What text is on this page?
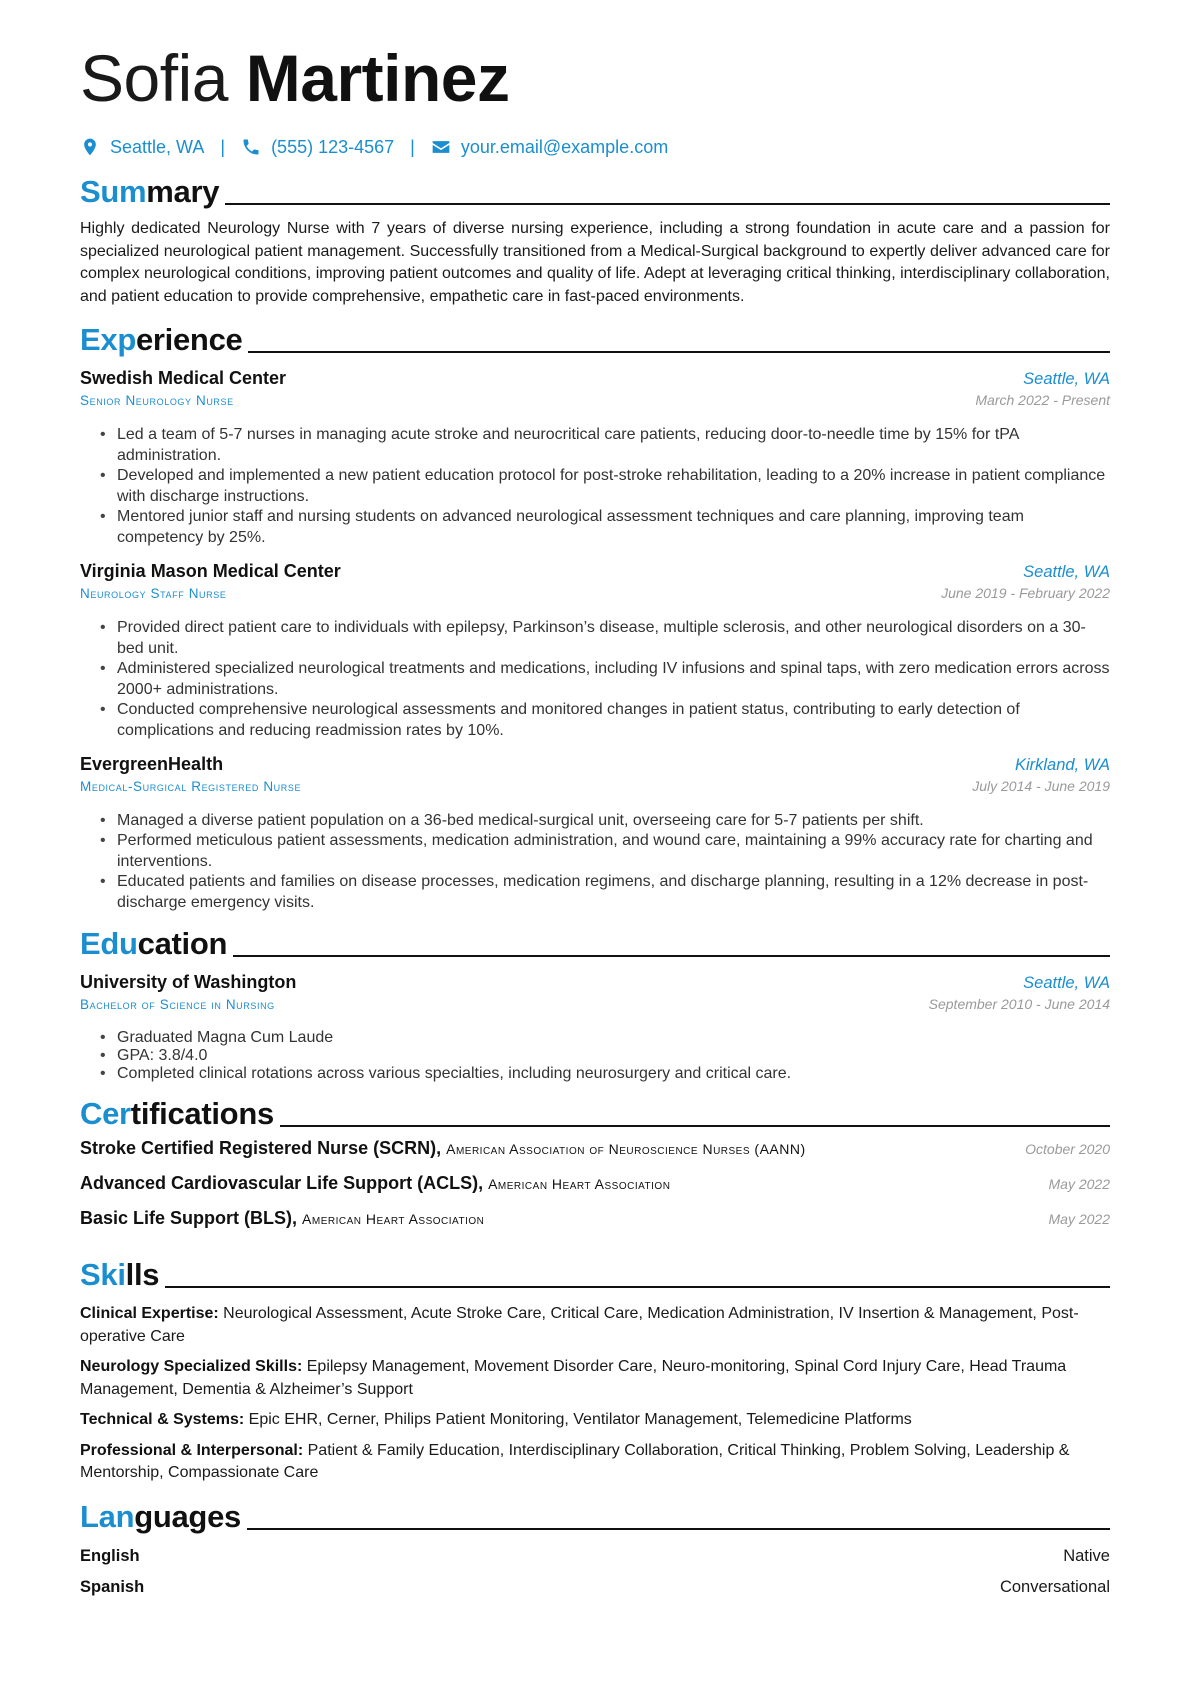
Sofia Martinez
Seattle, WA |	(555) 123-4567 |	your.email@example.com
Summary

Highly dedicated Neurology Nurse with 7 years of diverse nursing experience, including a strong foundation in acute care and a passion for specialized neurological patient management. Successfully transitioned from a Medical-Surgical background to expertly deliver advanced care for complex neurological conditions, improving patient outcomes and quality of life. Adept at leveraging critical thinking, interdisciplinary collaboration, and patient education to provide comprehensive, empathetic care in fast-paced environments.

Experience
Swedish Medical Center	Seattle, WA
Senior Neurology Nurse	March 2022 - Present
• Led a team of 5-7 nurses in managing acute stroke and neurocritical care patients, reducing door-to-needle time by 15% for tPA administration.
• Developed and implemented a new patient education protocol for post-stroke rehabilitation, leading to a 20% increase in patient compliance with discharge instructions.
• Mentored junior staff and nursing students on advanced neurological assessment techniques and care planning, improving team competency by 25%.
Virginia Mason Medical Center	Seattle, WA
Neurology Staff Nurse	June 2019 - February 2022
• Provided direct patient care to individuals with epilepsy, Parkinson’s disease, multiple sclerosis, and other neurological disorders on a 30-bed unit.
• Administered specialized neurological treatments and medications, including IV infusions and spinal taps, with zero medication errors across 2000+ administrations.
• Conducted comprehensive neurological assessments and monitored changes in patient status, contributing to early detection of complications and reducing readmission rates by 10%.
EvergreenHealth	Kirkland, WA
Medical-Surgical Registered Nurse	July 2014 - June 2019
• Managed a diverse patient population on a 36-bed medical-surgical unit, overseeing care for 5-7 patients per shift.
• Performed meticulous patient assessments, medication administration, and wound care, maintaining a 99% accuracy rate for charting and interventions.
• Educated patients and families on disease processes, medication regimens, and discharge planning, resulting in a 12% decrease in post-discharge emergency visits.
Education
University of Washington	Seattle, WA
Bachelor of Science in Nursing	September 2010 - June 2014
• Graduated Magna Cum Laude
• GPA: 3.8/4.0
• Completed clinical rotations across various specialties, including neurosurgery and critical care.
Certifications
Stroke Certified Registered Nurse (SCRN), American Association of Neuroscience Nurses (AANN)	October 2020
Advanced Cardiovascular Life Support (ACLS), American Heart Association	May 2022
Basic Life Support (BLS), American Heart Association	May 2022
Skills

Clinical Expertise: Neurological Assessment, Acute Stroke Care, Critical Care, Medication Administration, IV Insertion & Management, Post-operative Care

Neurology Specialized Skills: Epilepsy Management, Movement Disorder Care, Neuro-monitoring, Spinal Cord Injury Care, Head Trauma Management, Dementia & Alzheimer’s Support

Technical & Systems: Epic EHR, Cerner, Philips Patient Monitoring, Ventilator Management, Telemedicine Platforms

Professional & Interpersonal: Patient & Family Education, Interdisciplinary Collaboration, Critical Thinking, Problem Solving, Leadership & Mentorship, Compassionate Care

Languages
English	Native
Spanish	Conversational
